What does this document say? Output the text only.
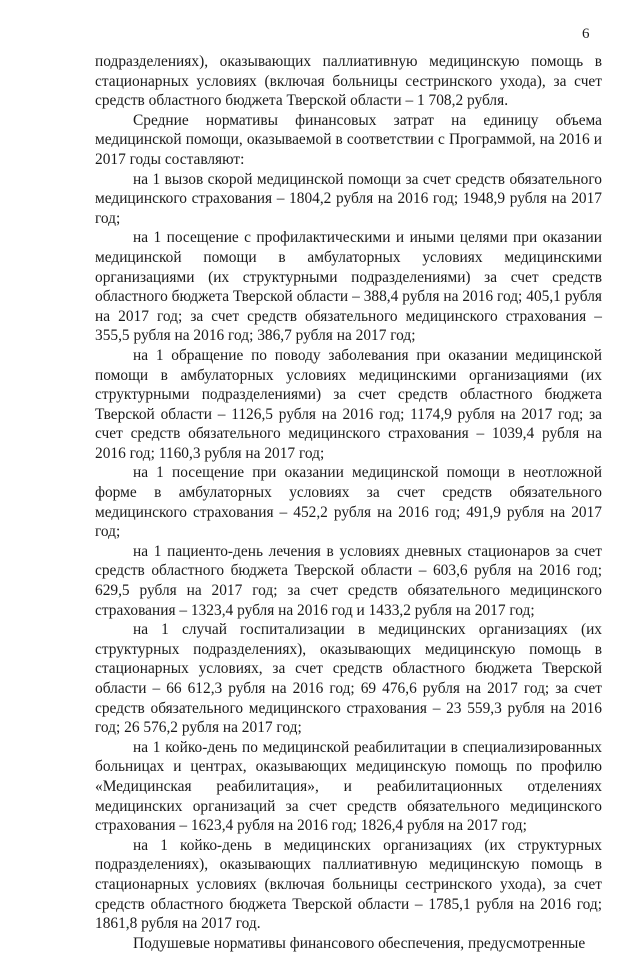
6

подразделениях), оказывающих паллиативную медицинскую помощь в стационарных условиях (включая больницы сестринского ухода), за счет средств областного бюджета Тверской области – 1 708,2 рубля.

Средние нормативы финансовых затрат на единицу объема медицинской помощи, оказываемой в соответствии с Программой, на 2016 и 2017 годы составляют:

на 1 вызов скорой медицинской помощи за счет средств обязательного медицинского страхования – 1804,2 рубля на 2016 год; 1948,9 рубля на 2017 год;

на 1 посещение с профилактическими и иными целями при оказании медицинской помощи в амбулаторных условиях медицинскими организациями (их структурными подразделениями) за счет средств областного бюджета Тверской области – 388,4 рубля на 2016 год; 405,1 рубля на 2017 год; за счет средств обязательного медицинского страхования – 355,5 рубля на 2016 год; 386,7 рубля на 2017 год;

на 1 обращение по поводу заболевания при оказании медицинской помощи в амбулаторных условиях медицинскими организациями (их структурными подразделениями) за счет средств областного бюджета Тверской области – 1126,5 рубля на 2016 год; 1174,9 рубля на 2017 год; за счет средств обязательного медицинского страхования – 1039,4 рубля на 2016 год; 1160,3 рубля на 2017 год;

на 1 посещение при оказании медицинской помощи в неотложной форме в амбулаторных условиях за счет средств обязательного медицинского страхования – 452,2 рубля на 2016 год; 491,9 рубля на 2017 год;

на 1 пациенто-день лечения в условиях дневных стационаров за счет средств областного бюджета Тверской области – 603,6 рубля на 2016 год; 629,5 рубля на 2017 год; за счет средств обязательного медицинского страхования – 1323,4 рубля на 2016 год и 1433,2 рубля на 2017 год;

на 1 случай госпитализации в медицинских организациях (их структурных подразделениях), оказывающих медицинскую помощь в стационарных условиях, за счет средств областного бюджета Тверской области – 66 612,3 рубля на 2016 год; 69 476,6 рубля на 2017 год; за счет средств обязательного медицинского страхования – 23 559,3 рубля на 2016 год; 26 576,2 рубля на 2017 год;

на 1 койко-день по медицинской реабилитации в специализированных больницах и центрах, оказывающих медицинскую помощь по профилю «Медицинская реабилитация», и реабилитационных отделениях медицинских организаций за счет средств обязательного медицинского страхования – 1623,4 рубля на 2016 год; 1826,4 рубля на 2017 год;

на 1 койко-день в медицинских организациях (их структурных подразделениях), оказывающих паллиативную медицинскую помощь в стационарных условиях (включая больницы сестринского ухода), за счет средств областного бюджета Тверской области – 1785,1 рубля на 2016 год; 1861,8 рубля на 2017 год.

Подушевые нормативы финансового обеспечения, предусмотренные
